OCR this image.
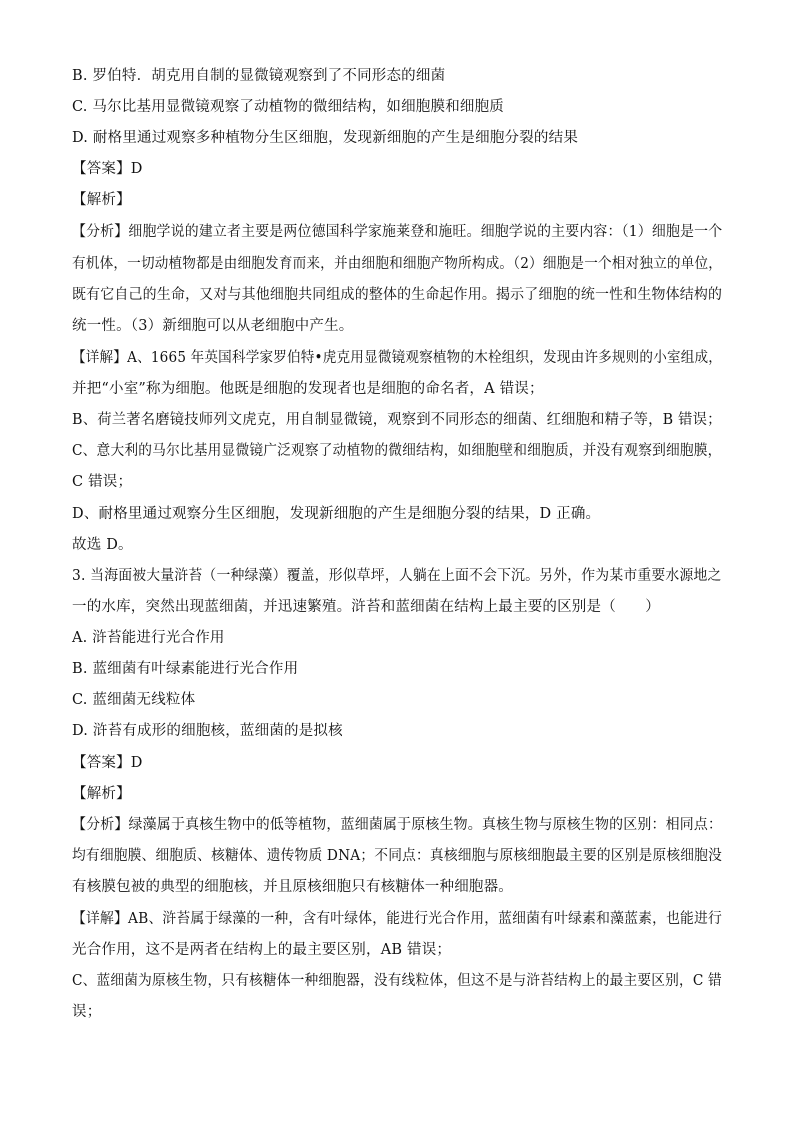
B. 罗伯特．胡克用自制的显微镜观察到了不同形态的细菌
C. 马尔比基用显微镜观察了动植物的微细结构，如细胞膜和细胞质
D. 耐格里通过观察多种植物分生区细胞，发现新细胞的产生是细胞分裂的结果
【答案】D
【解析】
【分析】细胞学说的建立者主要是两位德国科学家施莱登和施旺。细胞学说的主要内容：（1）细胞是一个
有机体，一切动植物都是由细胞发育而来，并由细胞和细胞产物所构成。（2）细胞是一个相对独立的单位，
既有它自己的生命，又对与其他细胞共同组成的整体的生命起作用。揭示了细胞的统一性和生物体结构的
统一性。（3）新细胞可以从老细胞中产生。
【详解】A、1665 年英国科学家罗伯特•虎克用显微镜观察植物的木栓组织，发现由许多规则的小室组成，
并把“小室”称为细胞。他既是细胞的发现者也是细胞的命名者，A 错误；
B、荷兰著名磨镜技师列文虎克，用自制显微镜，观察到不同形态的细菌、红细胞和精子等，B 错误；
C、意大利的马尔比基用显微镜广泛观察了动植物的微细结构，如细胞壁和细胞质，并没有观察到细胞膜，
C 错误；
D、耐格里通过观察分生区细胞，发现新细胞的产生是细胞分裂的结果，D 正确。
故选 D。
3. 当海面被大量浒苔（一种绿藻）覆盖，形似草坪，人躺在上面不会下沉。另外，作为某市重要水源地之
一的水库，突然出现蓝细菌，并迅速繁殖。浒苔和蓝细菌在结构上最主要的区别是（　　）
A. 浒苔能进行光合作用
B. 蓝细菌有叶绿素能进行光合作用
C. 蓝细菌无线粒体
D. 浒苔有成形的细胞核，蓝细菌的是拟核
【答案】D
【解析】
【分析】绿藻属于真核生物中的低等植物，蓝细菌属于原核生物。真核生物与原核生物的区别：相同点：
均有细胞膜、细胞质、核糖体、遗传物质 DNA；不同点：真核细胞与原核细胞最主要的区别是原核细胞没
有核膜包被的典型的细胞核，并且原核细胞只有核糖体一种细胞器。
【详解】AB、浒苔属于绿藻的一种，含有叶绿体，能进行光合作用，蓝细菌有叶绿素和藻蓝素，也能进行
光合作用，这不是两者在结构上的最主要区别，AB 错误；
C、蓝细菌为原核生物，只有核糖体一种细胞器，没有线粒体，但这不是与浒苔结构上的最主要区别，C 错
误；
